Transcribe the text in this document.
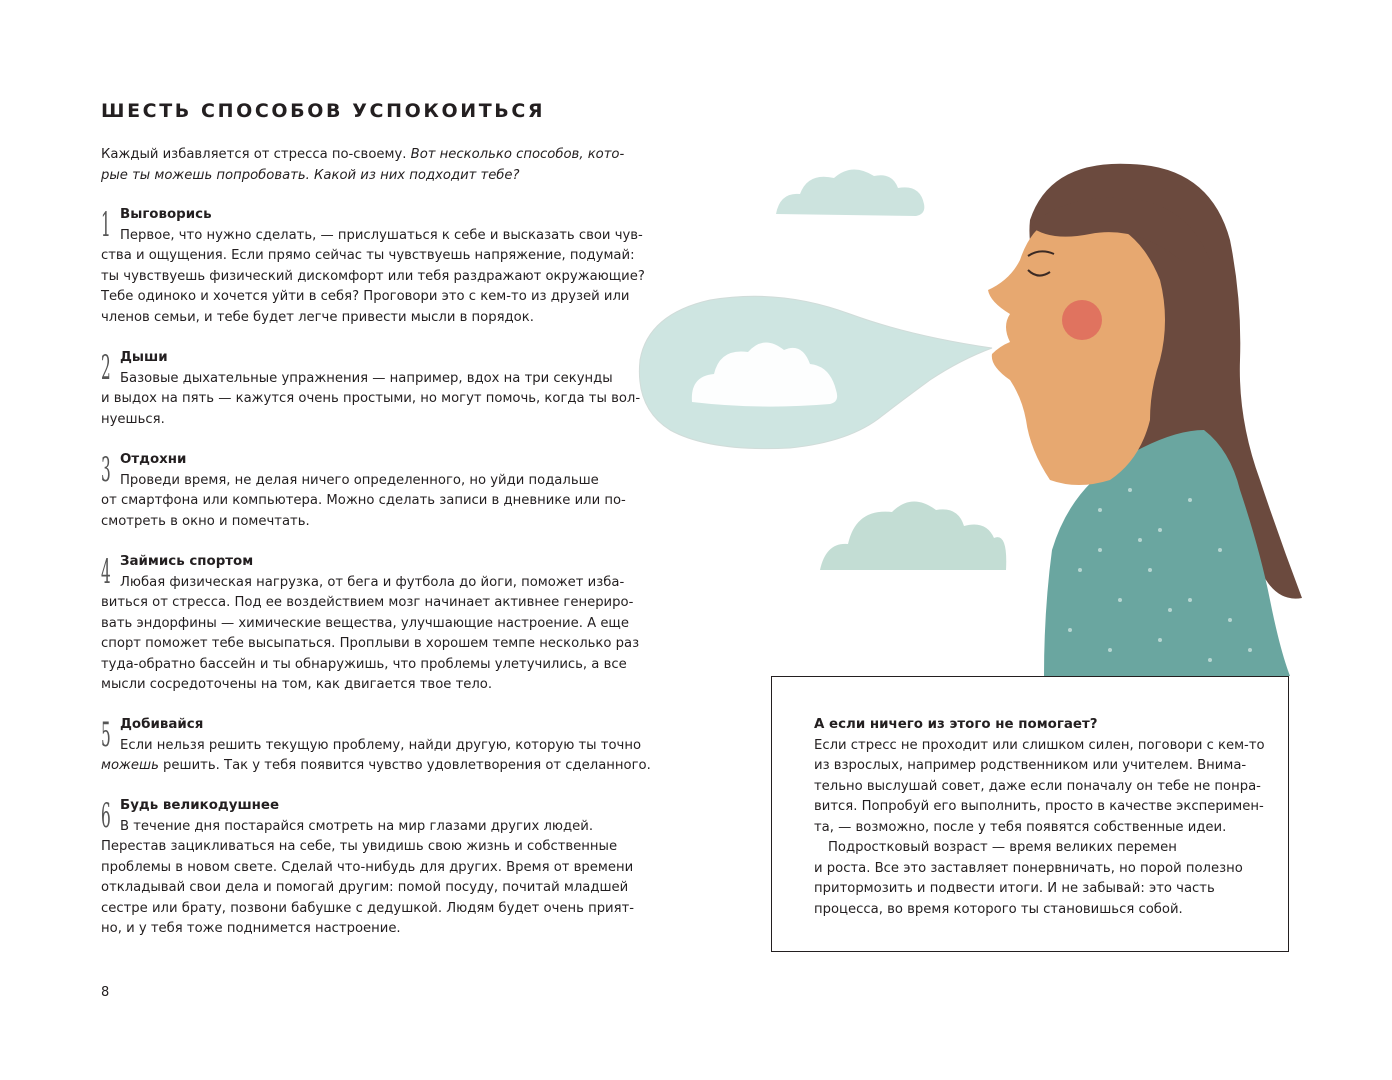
ШЕСТЬ СПОСОБОВ УСПОКОИТЬСЯ
Каждый избавляется от стресса по-своему. Вот несколько способов, кото-
рые ты можешь попробовать. Какой из них подходит тебе?
1 Выговорись
Первое, что нужно сделать, — прислушаться к себе и высказать свои чув-
ства и ощущения. Если прямо сейчас ты чувствуешь напряжение, подумай:
ты чувствуешь физический дискомфорт или тебя раздражают окружающие?
Тебе одиноко и хочется уйти в себя? Проговори это с кем-то из друзей или
членов семьи, и тебе будет легче привести мысли в порядок.
2 Дыши
Базовые дыхательные упражнения — например, вдох на три секунды
и выдох на пять — кажутся очень простыми, но могут помочь, когда ты вол-
нуешься.
3 Отдохни
Проведи время, не делая ничего определенного, но уйди подальше
от смартфона или компьютера. Можно сделать записи в дневнике или по-
смотреть в окно и помечтать.
4 Займись спортом
Любая физическая нагрузка, от бега и футбола до йоги, поможет изба-
виться от стресса. Под ее воздействием мозг начинает активнее генериро-
вать эндорфины — химические вещества, улучшающие настроение. А еще
спорт поможет тебе высыпаться. Проплыви в хорошем темпе несколько раз
туда-обратно бассейн и ты обнаружишь, что проблемы улетучились, а все
мысли сосредоточены на том, как двигается твое тело.
5 Добивайся
Если нельзя решить текущую проблему, найди другую, которую ты точно
можешь решить. Так у тебя появится чувство удовлетворения от сделанного.
6 Будь великодушнее
В течение дня постарайся смотреть на мир глазами других людей.
Перестав зацикливаться на себе, ты увидишь свою жизнь и собственные
проблемы в новом свете. Сделай что-нибудь для других. Время от времени
откладывай свои дела и помогай другим: помой посуду, почитай младшей
сестре или брату, позвони бабушке с дедушкой. Людям будет очень прият-
но, и у тебя тоже поднимется настроение.
8
А если ничего из этого не помогает?
Если стресс не проходит или слишком силен, поговори с кем-то
из взрослых, например родственником или учителем. Внима-
тельно выслушай совет, даже если поначалу он тебе не понра-
вится. Попробуй его выполнить, просто в качестве эксперимен-
та, — возможно, после у тебя появятся собственные идеи.
Подростковый возраст — время великих перемен
и роста. Все это заставляет понервничать, но порой полезно
притормозить и подвести итоги. И не забывай: это часть
процесса, во время которого ты становишься собой.
